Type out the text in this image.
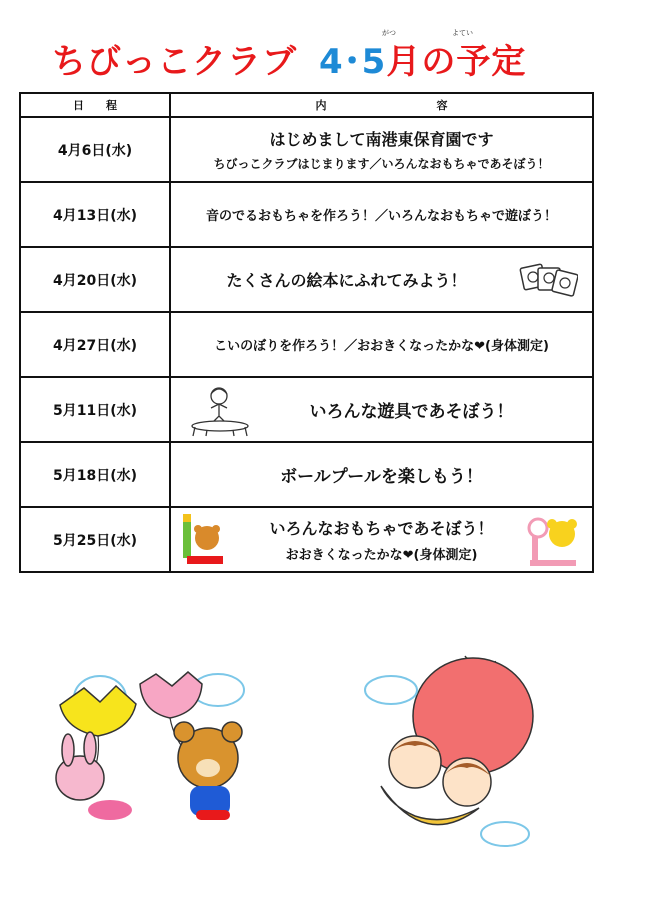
ちびっこクラブ 4･5月の予定
がつ	よてい
日　　程	内　　　　　　　　　　容
4月6日(水)	はじめまして南港東保育園です
ちびっこクラブはじまります／いろんなおもちゃであそぼう！

4月13日(水)	音のでるおもちゃを作ろう！／いろんなおもちゃで遊ぼう！

4月20日(水)	たくさんの絵本にふれてみよう！

4月27日(水)	こいのぼりを作ろう！／おおきくなったかな❤(身体測定)

5月11日(水)	いろんな遊具であそぼう！

5月18日(水)	ボールプールを楽しもう！

5月25日(水)	いろんなおもちゃであそぼう！
おおきくなったかな❤(身体測定)
